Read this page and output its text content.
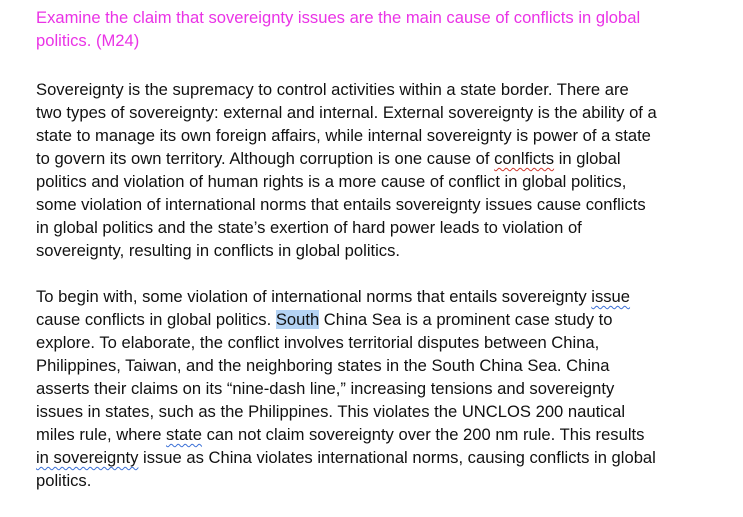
Examine the claim that sovereignty issues are the main cause of conflicts in global
politics. (M24)
Sovereignty is the supremacy to control activities within a state border. There are
two types of sovereignty: external and internal. External sovereignty is the ability of a
state to manage its own foreign affairs, while internal sovereignty is power of a state
to govern its own territory. Although corruption is one cause of conlficts in global
politics and violation of human rights is a more cause of conflict in global politics,
some violation of international norms that entails sovereignty issues cause conflicts
in global politics and the state’s exertion of hard power leads to violation of
sovereignty, resulting in conflicts in global politics.
To begin with, some violation of international norms that entails sovereignty issue
cause conflicts in global politics. South China Sea is a prominent case study to
explore. To elaborate, the conflict involves territorial disputes between China,
Philippines, Taiwan, and the neighboring states in the South China Sea. China
asserts their claims on its “nine-dash line,” increasing tensions and sovereignty
issues in states, such as the Philippines. This violates the UNCLOS 200 nautical
miles rule, where state can not claim sovereignty over the 200 nm rule. This results
in sovereignty issue as China violates international norms, causing conflicts in global
politics.
